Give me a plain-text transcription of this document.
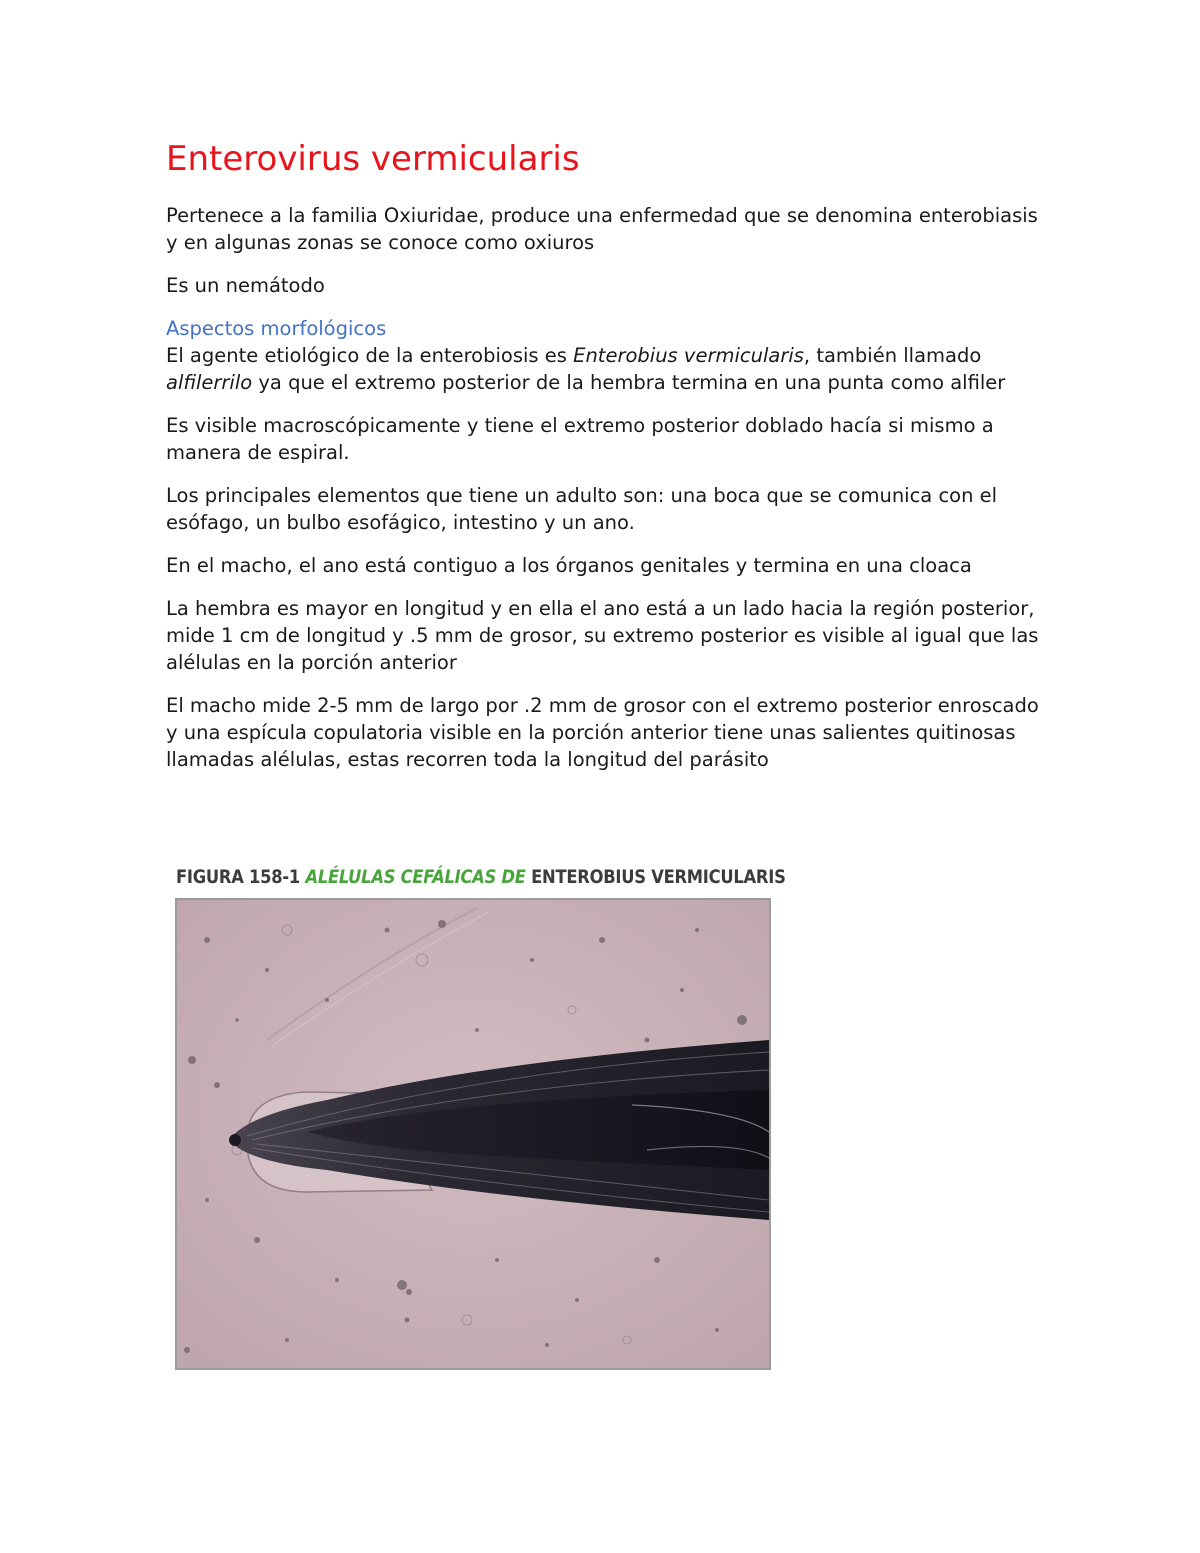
Enterovirus vermicularis

Pertenece a la familia Oxiuridae, produce una enfermedad que se denomina enterobiasis y en algunas zonas se conoce como oxiuros

Es un nemátodo

Aspectos morfológicos

El agente etiológico de la enterobiosis es Enterobius vermicularis, también llamado alfilerrilo ya que el extremo posterior de la hembra termina en una punta como alfiler

Es visible macroscópicamente y tiene el extremo posterior doblado hacía si mismo a manera de espiral.

Los principales elementos que tiene un adulto son: una boca que se comunica con el esófago, un bulbo esofágico, intestino y un ano.

En el macho, el ano está contiguo a los órganos genitales y termina en una cloaca

La hembra es mayor en longitud y en ella el ano está a un lado hacia la región posterior, mide 1 cm de longitud y .5 mm de grosor, su extremo posterior es visible al igual que las alélulas en la porción anterior

El macho mide 2-5 mm de largo por .2 mm de grosor con el extremo posterior enroscado y una espícula copulatoria visible en la porción anterior tiene unas salientes quitinosas llamadas alélulas, estas recorren toda la longitud del parásito

FIGURA 158-1 ALÉLULAS CEFÁLICAS DE ENTEROBIUS VERMICULARIS
